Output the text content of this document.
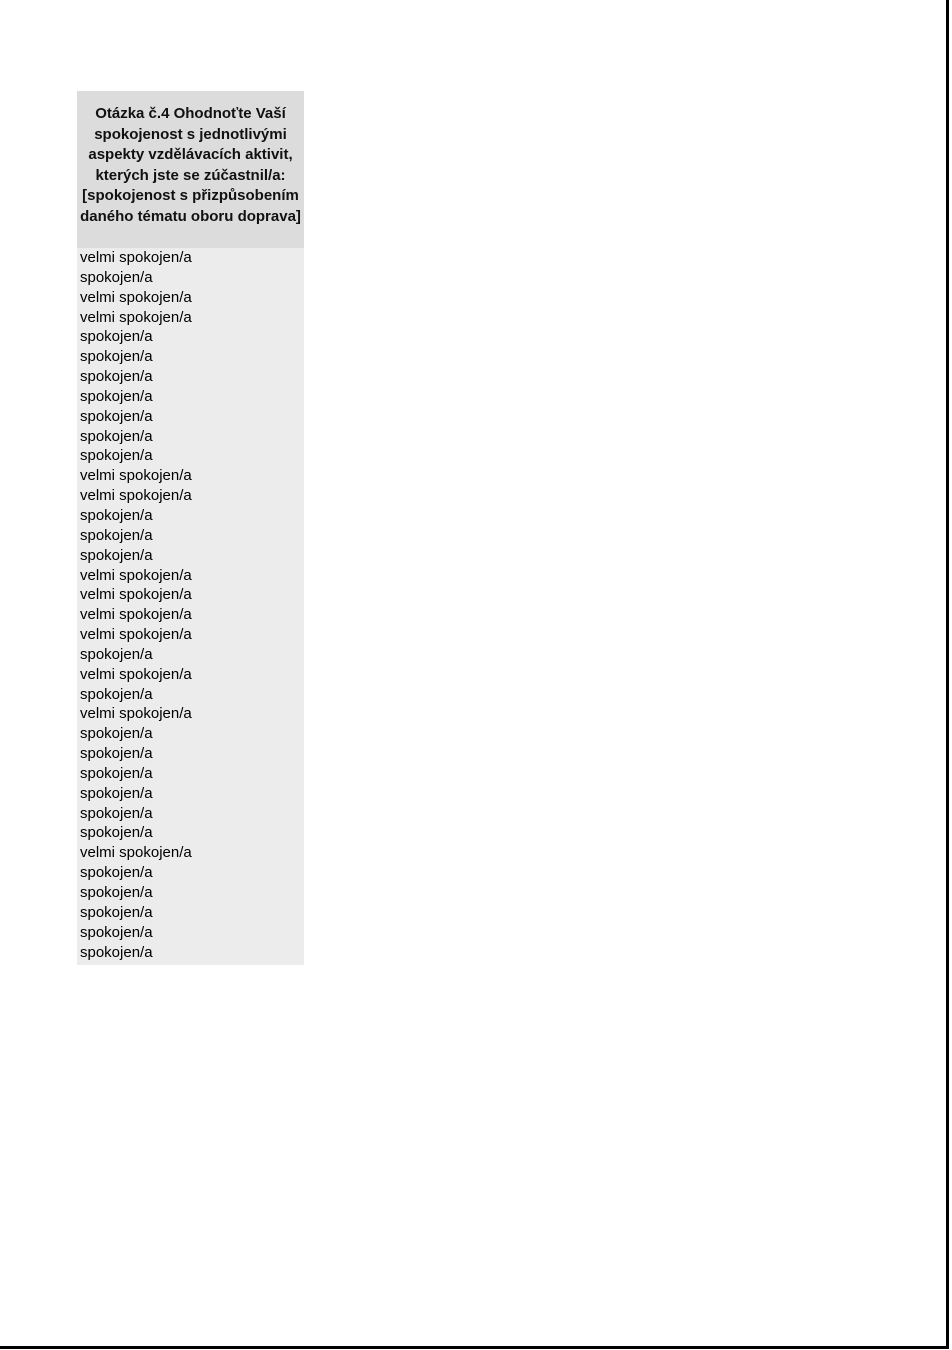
Otázka č.4 Ohodnoťte Vaší spokojenost s jednotlivými aspekty vzdělávacích aktivit, kterých jste se zúčastnil/a: [spokojenost s přizpůsobením daného tématu oboru doprava]
velmi spokojen/a
spokojen/a
velmi spokojen/a
velmi spokojen/a
spokojen/a
spokojen/a
spokojen/a
spokojen/a
spokojen/a
spokojen/a
spokojen/a
velmi spokojen/a
velmi spokojen/a
spokojen/a
spokojen/a
spokojen/a
velmi spokojen/a
velmi spokojen/a
velmi spokojen/a
velmi spokojen/a
spokojen/a
velmi spokojen/a
spokojen/a
velmi spokojen/a
spokojen/a
spokojen/a
spokojen/a
spokojen/a
spokojen/a
spokojen/a
velmi spokojen/a
spokojen/a
spokojen/a
spokojen/a
spokojen/a
spokojen/a
